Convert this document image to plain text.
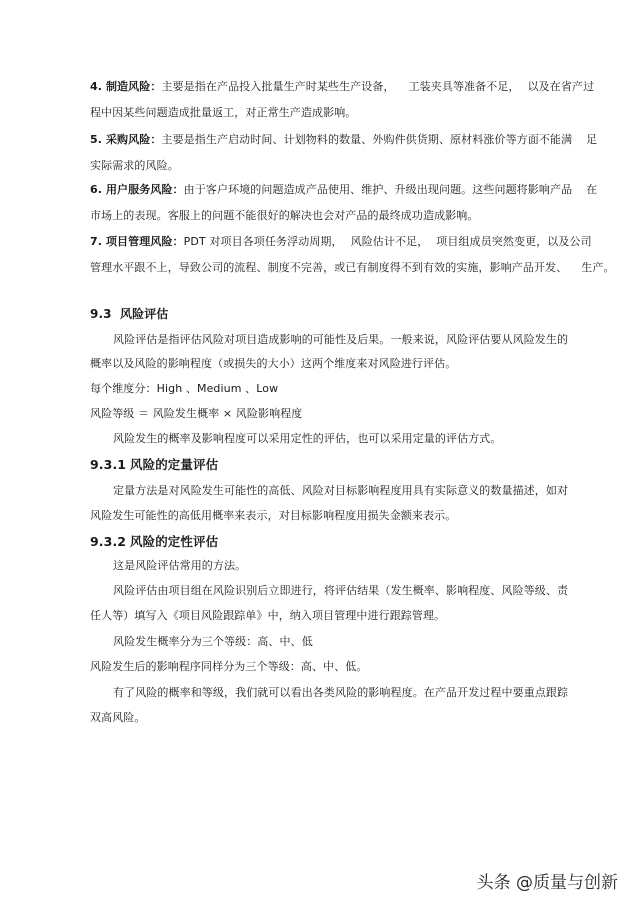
4. 制造风险：主要是指在产品投入批量生产时某些生产设备， 工装夹具等准备不足， 以及在省产过
程中因某些问题造成批量返工，对正常生产造成影响。
5. 采购风险：主要是指生产启动时间、计划物料的数量、外购件供货期、原材料涨价等方面不能满 足
实际需求的风险。
6. 用户服务风险：由于客户环境的问题造成产品使用、维护、升级出现问题。这些问题将影响产品 在
市场上的表现。客服上的问题不能很好的解决也会对产品的最终成功造成影响。
7. 项目管理风险：PDT 对项目各项任务浮动周期， 风险估计不足， 项目组成员突然变更，以及公司
管理水平跟不上，导致公司的流程、制度不完善，或已有制度得不到有效的实施，影响产品开发、 生产。
9.3 风险评估
风险评估是指评估风险对项目造成影响的可能性及后果。一般来说，风险评估要从风险发生的
概率以及风险的影响程度（或损失的大小）这两个维度来对风险进行评估。
每个维度分：High 、Medium 、Low
风险等级 ＝ 风险发生概率 × 风险影响程度
风险发生的概率及影响程度可以采用定性的评估，也可以采用定量的评估方式。
9.3.1 风险的定量评估
定量方法是对风险发生可能性的高低、风险对目标影响程度用具有实际意义的数量描述，如对
风险发生可能性的高低用概率来表示，对目标影响程度用损失金额来表示。
9.3.2 风险的定性评估
这是风险评估常用的方法。
风险评估由项目组在风险识别后立即进行，将评估结果（发生概率、影响程度、风险等级、责
任人等）填写入《项目风险跟踪单》中，纳入项目管理中进行跟踪管理。
风险发生概率分为三个等级：高、中、低
风险发生后的影响程序同样分为三个等级：高、中、低。
有了风险的概率和等级，我们就可以看出各类风险的影响程度。在产品开发过程中要重点跟踪
双高风险。
头条 @质量与创新
